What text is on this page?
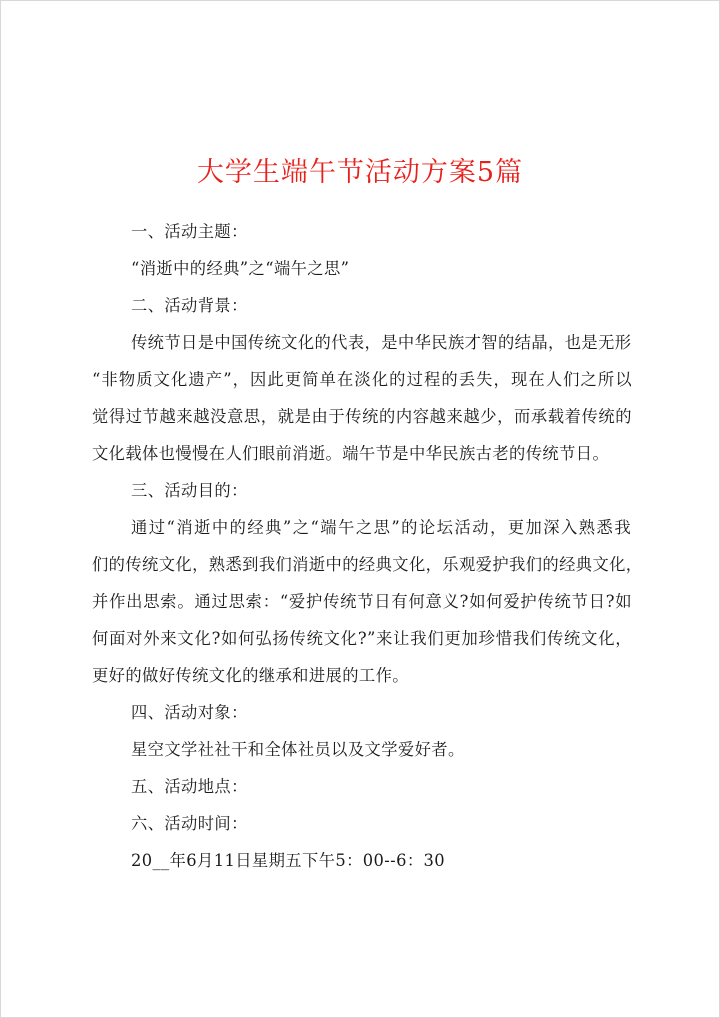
大学生端午节活动方案5篇
一、活动主题：
“消逝中的经典”之“端午之思”
二、活动背景：
传统节日是中国传统文化的代表，是中华民族才智的结晶，也是无形
“非物质文化遗产”，因此更简单在淡化的过程的丢失，现在人们之所以
觉得过节越来越没意思，就是由于传统的内容越来越少，而承载着传统的
文化载体也慢慢在人们眼前消逝。端午节是中华民族古老的传统节日。
三、活动目的：
通过“消逝中的经典”之“端午之思”的论坛活动，更加深入熟悉我
们的传统文化，熟悉到我们消逝中的经典文化，乐观爱护我们的经典文化，
并作出思索。通过思索：“爱护传统节日有何意义?如何爱护传统节日?如
何面对外来文化?如何弘扬传统文化?”来让我们更加珍惜我们传统文化，
更好的做好传统文化的继承和进展的工作。
四、活动对象：
星空文学社社干和全体社员以及文学爱好者。
五、活动地点：
六、活动时间：
20__年6月11日星期五下午5：00--6：30
